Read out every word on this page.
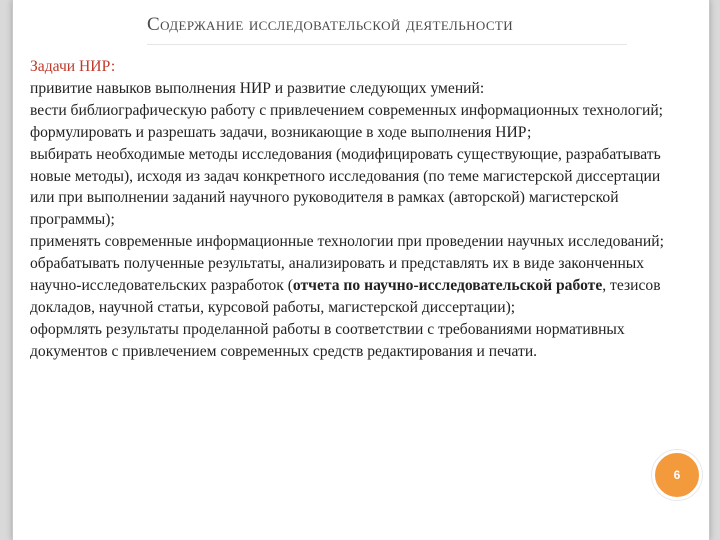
Содержание исследовательской деятельности

Задачи НИР:

привитие навыков выполнения НИР и развитие следующих умений:

вести библиографическую работу с привлечением современных информационных технологий;

формулировать и разрешать задачи, возникающие в ходе выполнения НИР;

выбирать необходимые методы исследования (модифицировать существующие, разрабатывать новые методы), исходя из задач конкретного исследования (по теме магистерской диссертации или при выполнении заданий научного руководителя в рамках (авторской) магистерской программы);

применять современные информационные технологии при проведении научных исследований;

обрабатывать полученные результаты, анализировать и представлять их в виде законченных научно-исследовательских разработок (отчета по научно-исследовательской работе, тезисов докладов, научной статьи, курсовой работы, магистерской диссертации);

оформлять результаты проделанной работы в соответствии с требованиями нормативных документов с привлечением современных средств редактирования и печати.

6
